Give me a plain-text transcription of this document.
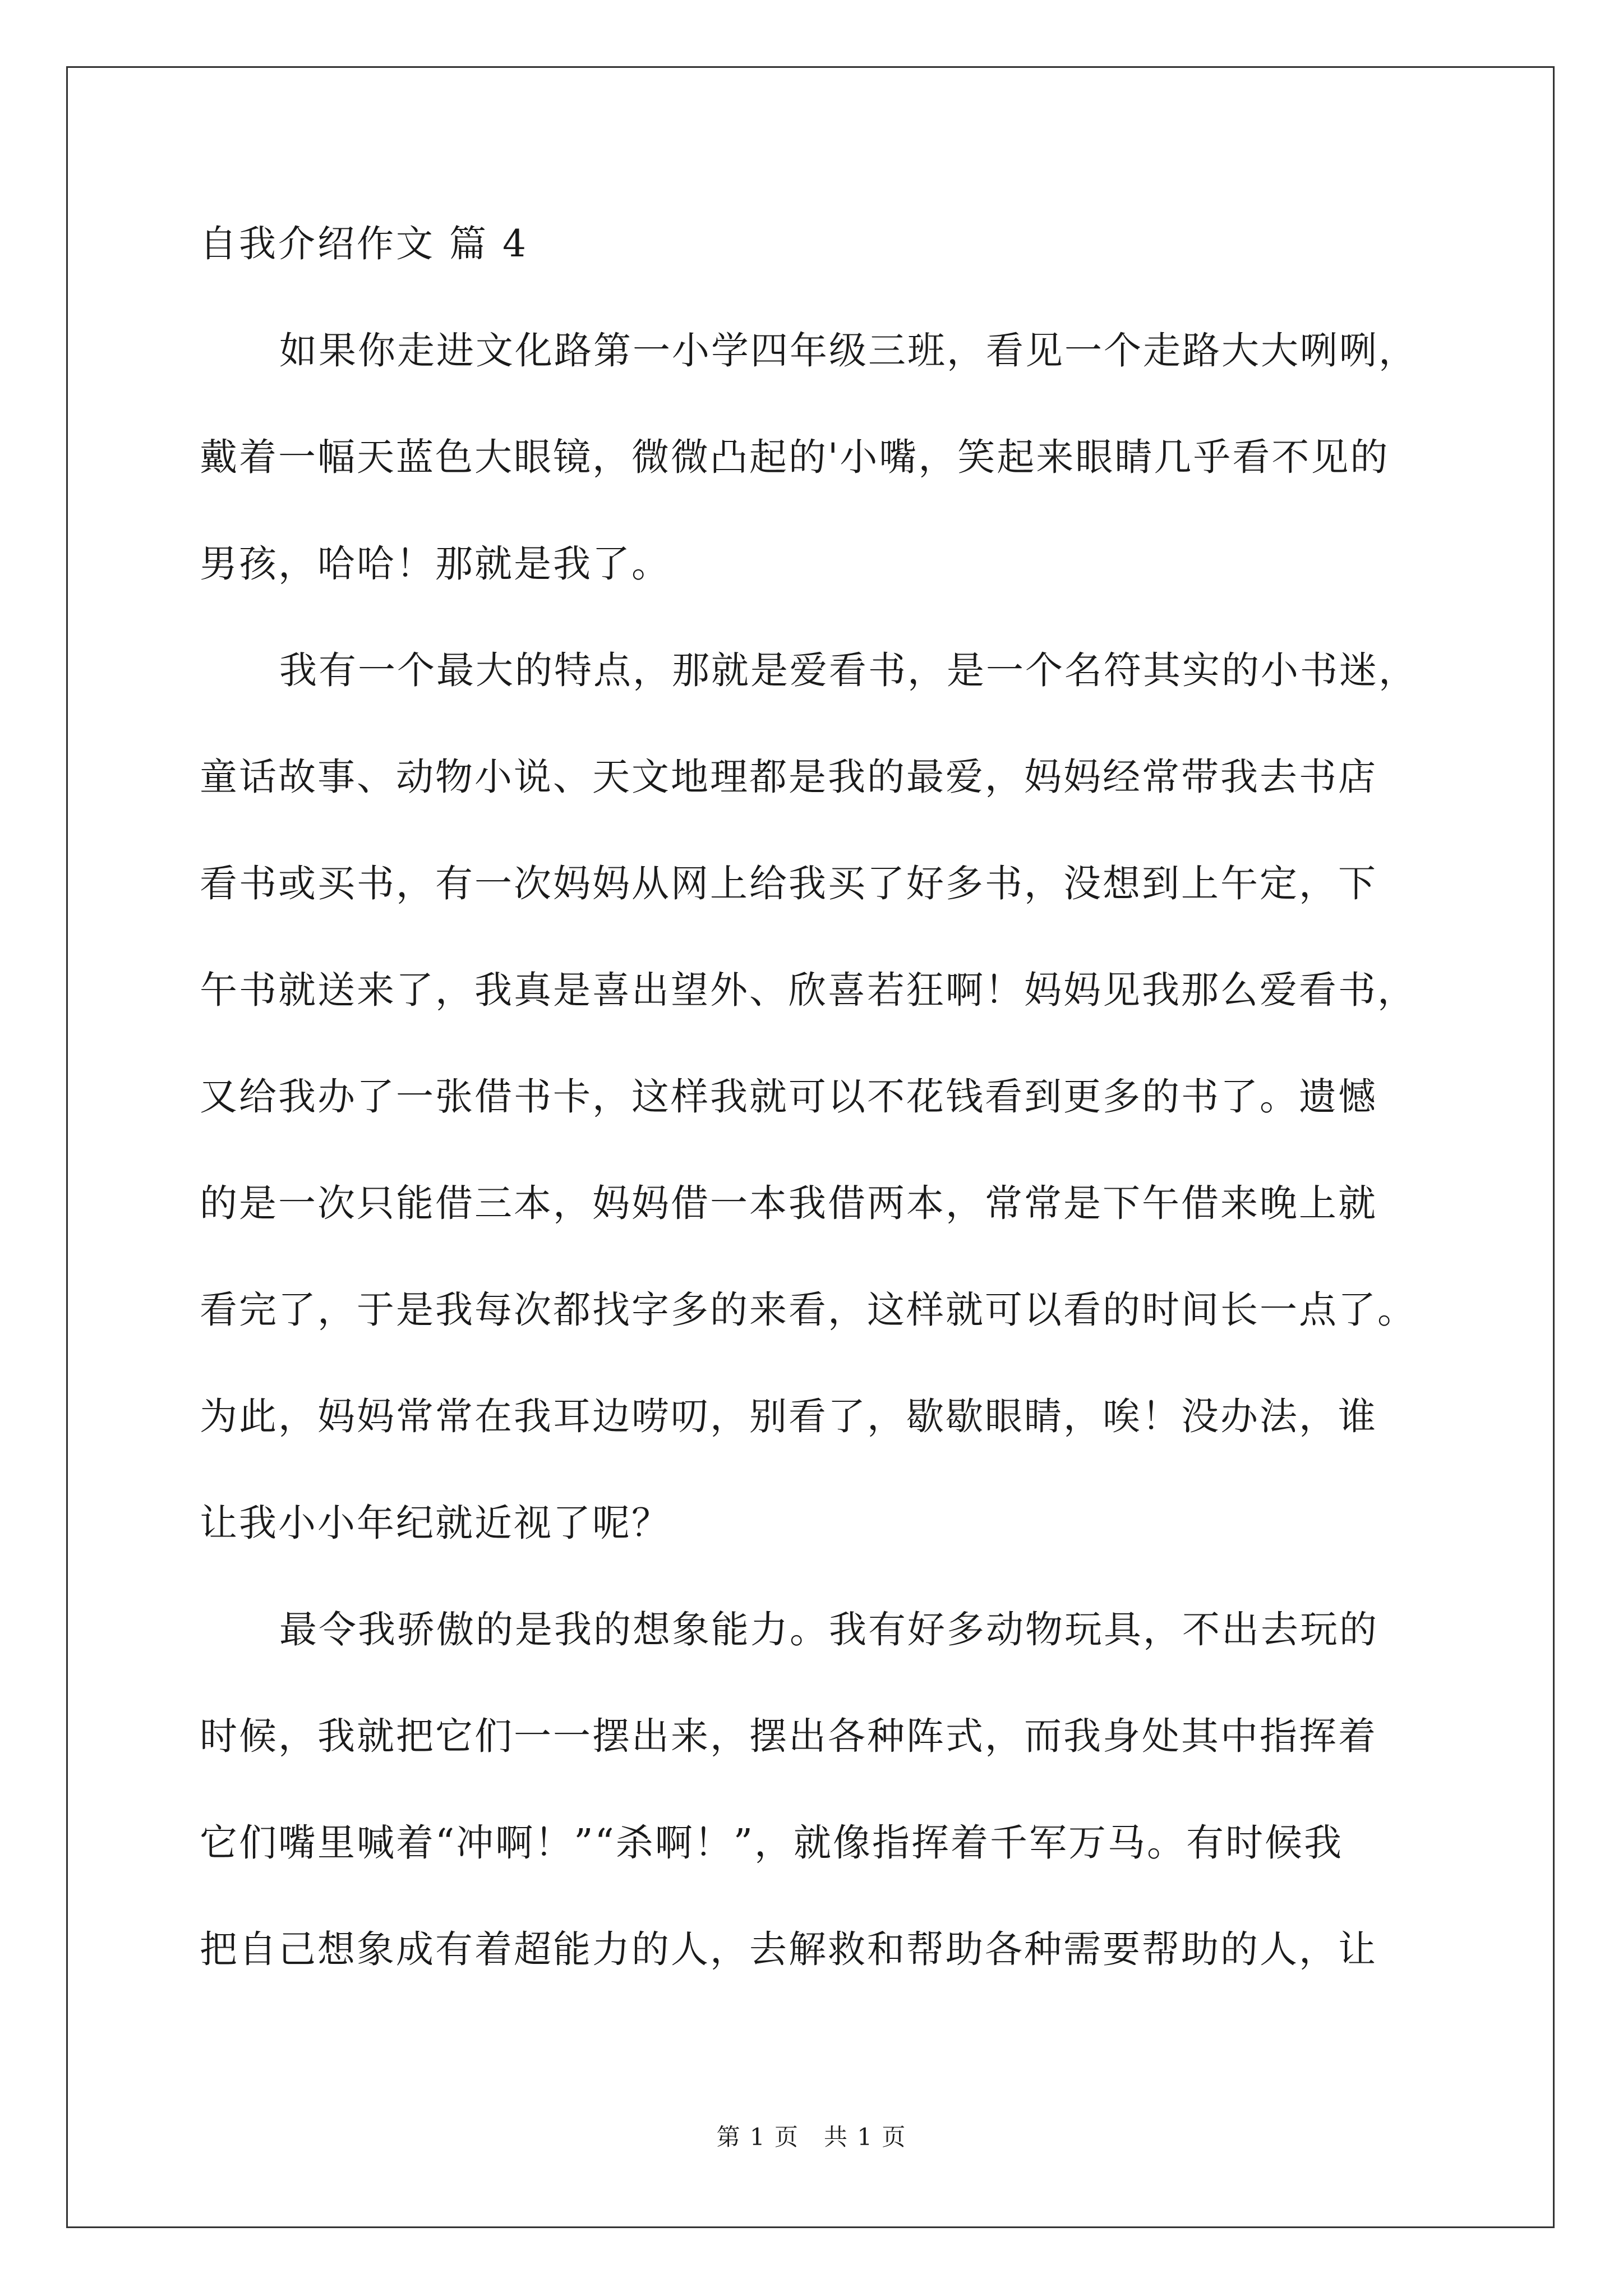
自我介绍作文 篇 4
如果你走进文化路第一小学四年级三班，看见一个走路大大咧咧，
戴着一幅天蓝色大眼镜，微微凸起的'小嘴，笑起来眼睛几乎看不见的
男孩，哈哈！那就是我了。
我有一个最大的特点，那就是爱看书，是一个名符其实的小书迷，
童话故事、动物小说、天文地理都是我的最爱，妈妈经常带我去书店
看书或买书，有一次妈妈从网上给我买了好多书，没想到上午定，下
午书就送来了，我真是喜出望外、欣喜若狂啊！妈妈见我那么爱看书，
又给我办了一张借书卡，这样我就可以不花钱看到更多的书了。遗憾
的是一次只能借三本，妈妈借一本我借两本，常常是下午借来晚上就
看完了，于是我每次都找字多的来看，这样就可以看的时间长一点了。
为此，妈妈常常在我耳边唠叨，别看了，歇歇眼睛，唉！没办法，谁
让我小小年纪就近视了呢？
最令我骄傲的是我的想象能力。我有好多动物玩具，不出去玩的
时候，我就把它们一一摆出来，摆出各种阵式，而我身处其中指挥着
它们嘴里喊着“冲啊！”“杀啊！”，就像指挥着千军万马。有时候我
把自己想象成有着超能力的人，去解救和帮助各种需要帮助的人，让
第 1 页　共 1 页
